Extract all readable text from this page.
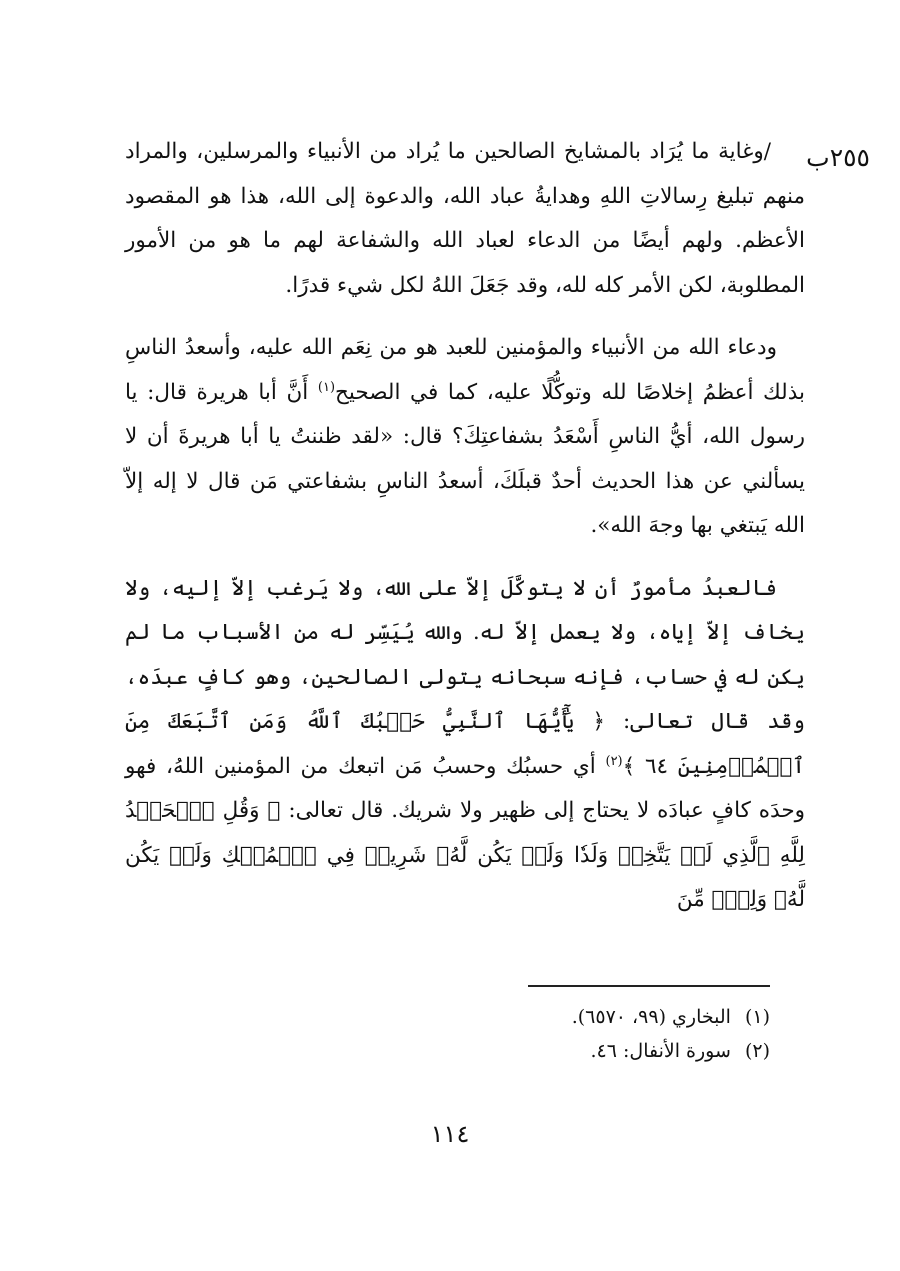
٢٥٥ب

/وغاية ما يُرَاد بالمشايخ الصالحين ما يُراد من الأنبياء والمرسلين، والمراد منهم تبليغ رِسالاتِ اللهِ وهدايةُ عباد الله، والدعوة إلى الله، هذا هو المقصود الأعظم. ولهم أيضًا من الدعاء لعباد الله والشفاعة لهم ما هو من الأمور المطلوبة، لكن الأمر كله لله، وقد جَعَلَ اللهُ لكل شيء قدرًا.

ودعاء الله من الأنبياء والمؤمنين للعبد هو من نِعَم الله عليه، وأسعدُ الناسِ بذلك أعظمُ إخلاصًا لله وتوكُّلًا عليه، كما في الصحيح$^{(١)}$ أَنَّ أبا هريرة قال: يا رسول الله، أيُّ الناسِ أَسْعَدُ بشفاعتِكَ؟ قال: «لقد ظننتُ يا أبا هريرةَ أن لا يسألني عن هذا الحديث أحدٌ قبلَكَ، أسعدُ الناسِ بشفاعتي مَن قال لا إله إلاّ الله يَبتغي بها وجهَ الله».

فالعبدُ مأمورٌ أن لا يتوكَّلَ إلاّ على الله، ولا يَرغب إلاّ إليه، ولا يخاف إلاّ إياه، ولا يعمل إلاّ له. والله يُيَسِّر له من الأسباب ما لم يكن له في حساب، فإنه سبحانه يتولى الصالحين، وهو كافٍ عبدَه، وقد قال تعالى: ﴿ يَٰٓأَيُّهَا ٱلنَّبِيُّ حَسۡبُكَ ٱللَّهُ وَمَنِ ٱتَّبَعَكَ مِنَ ٱلۡمُؤۡمِنِينَ ٦٤ ﴾$^{(٢)}$ أي حسبُك وحسبُ مَن اتبعك من المؤمنين اللهُ، فهو وحدَه كافٍ عبادَه لا يحتاج إلى ظهير ولا شريك. قال تعالى: ﴿ وَقُلِ ٱلۡحَمۡدُ لِلَّهِ ٱلَّذِي لَمۡ يَتَّخِذۡ وَلَدٗا وَلَمۡ يَكُن لَّهُۥ شَرِيكٞ فِي ٱلۡمُلۡكِ وَلَمۡ يَكُن لَّهُۥ وَلِيّٞ مِّنَ

(١)البخاري (٩٩، ٦٥٧٠).
(٢)سورة الأنفال: ٤٦.
١١٤
